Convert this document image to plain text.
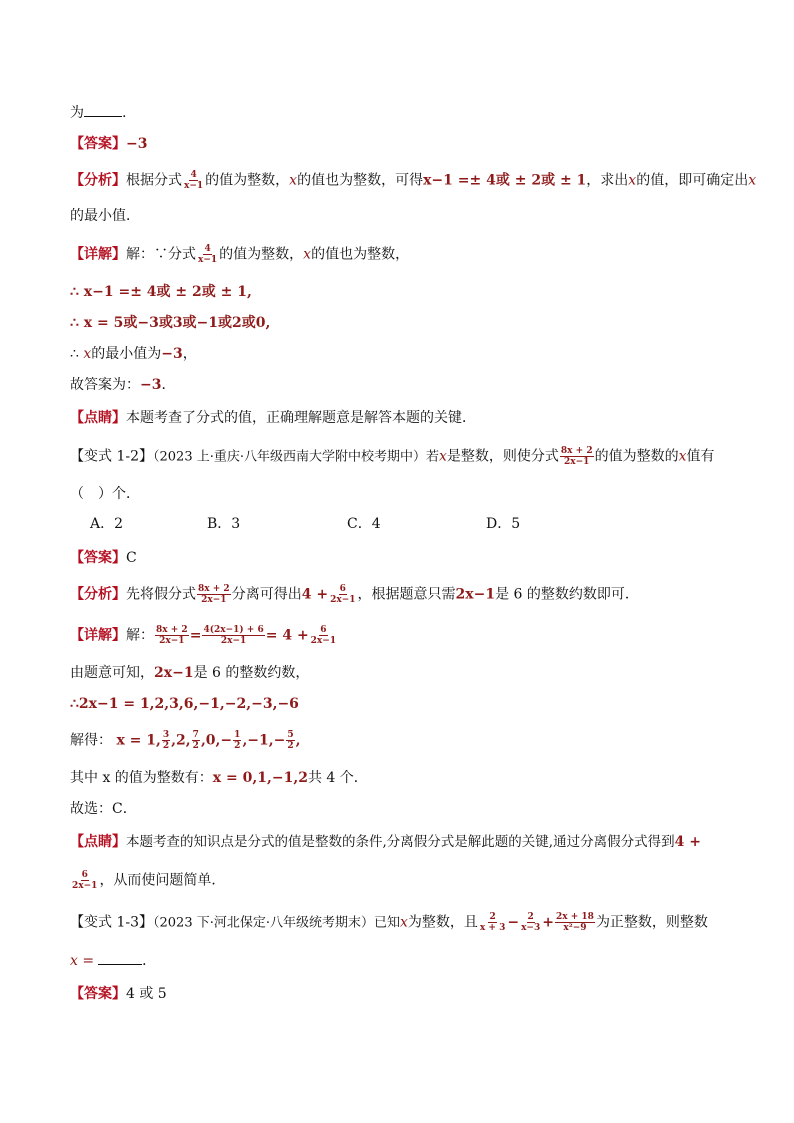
为	.
【答案】−3
【分析】根据分式 $\frac{4}{x-1}$ 的值为整数，x的值也为整数，可得x−1 =± 4或 ± 2或 ± 1，求出x的值，即可确定出x
的最小值．
【详解】解：∵分式 $\frac{4}{x-1}$ 的值为整数，x的值也为整数，
∴ x−1 =± 4或 ± 2或 ± 1,
∴ x = 5或−3或3或−1或2或0,
∴ x的最小值为−3，
故答案为：−3．
【点睛】本题考查了分式的值，正确理解题意是解答本题的关键．
【变式 1-2】（2023 上·重庆·八年级西南大学附中校考期中）若x是整数，则使分式 $\frac{8x + 2}{2x-1}$ 的值为整数的x值有
（　）个．
A．2	B．3	C．4	D．5
【答案】C
【分析】先将假分式 $\frac{8x + 2}{2x-1}$ 分离可得出$4 + \frac{6}{2x-1}$ ，根据题意只需2x−1是 6 的整数约数即可．
【详解】解： $\frac{8x + 2}{2x-1} = \frac{4(2x-1) + 6}{2x-1} = 4 + \frac{6}{2x-1}$
由题意可知，2x−1是 6 的整数约数，
∴2x−1 = 1,2,3,6,−1,−2,−3,−6
解得： x = 1, $\frac{3}{2} ,2$, $\frac{7}{2} ,0,- \frac{1}{2} ,-1,- \frac{5}{2}$ ,
其中 x 的值为整数有：x = 0,1,−1,2共 4 个．
故选：C．
【点睛】本题考查的知识点是分式的值是整数的条件,分离假分式是解此题的关键,通过分离假分式得到4 +
$\frac{6}{2x-1}$ ，从而使问题简单．
【变式 1-3】（2023 下·河北保定·八年级统考期末）已知x为整数，且 $\frac{2}{x + 3} - \frac{2}{x-3} + \frac{2x + 18}{\text{x²−9}}$ 为正整数，则整数
x =	．
【答案】4 或 5
